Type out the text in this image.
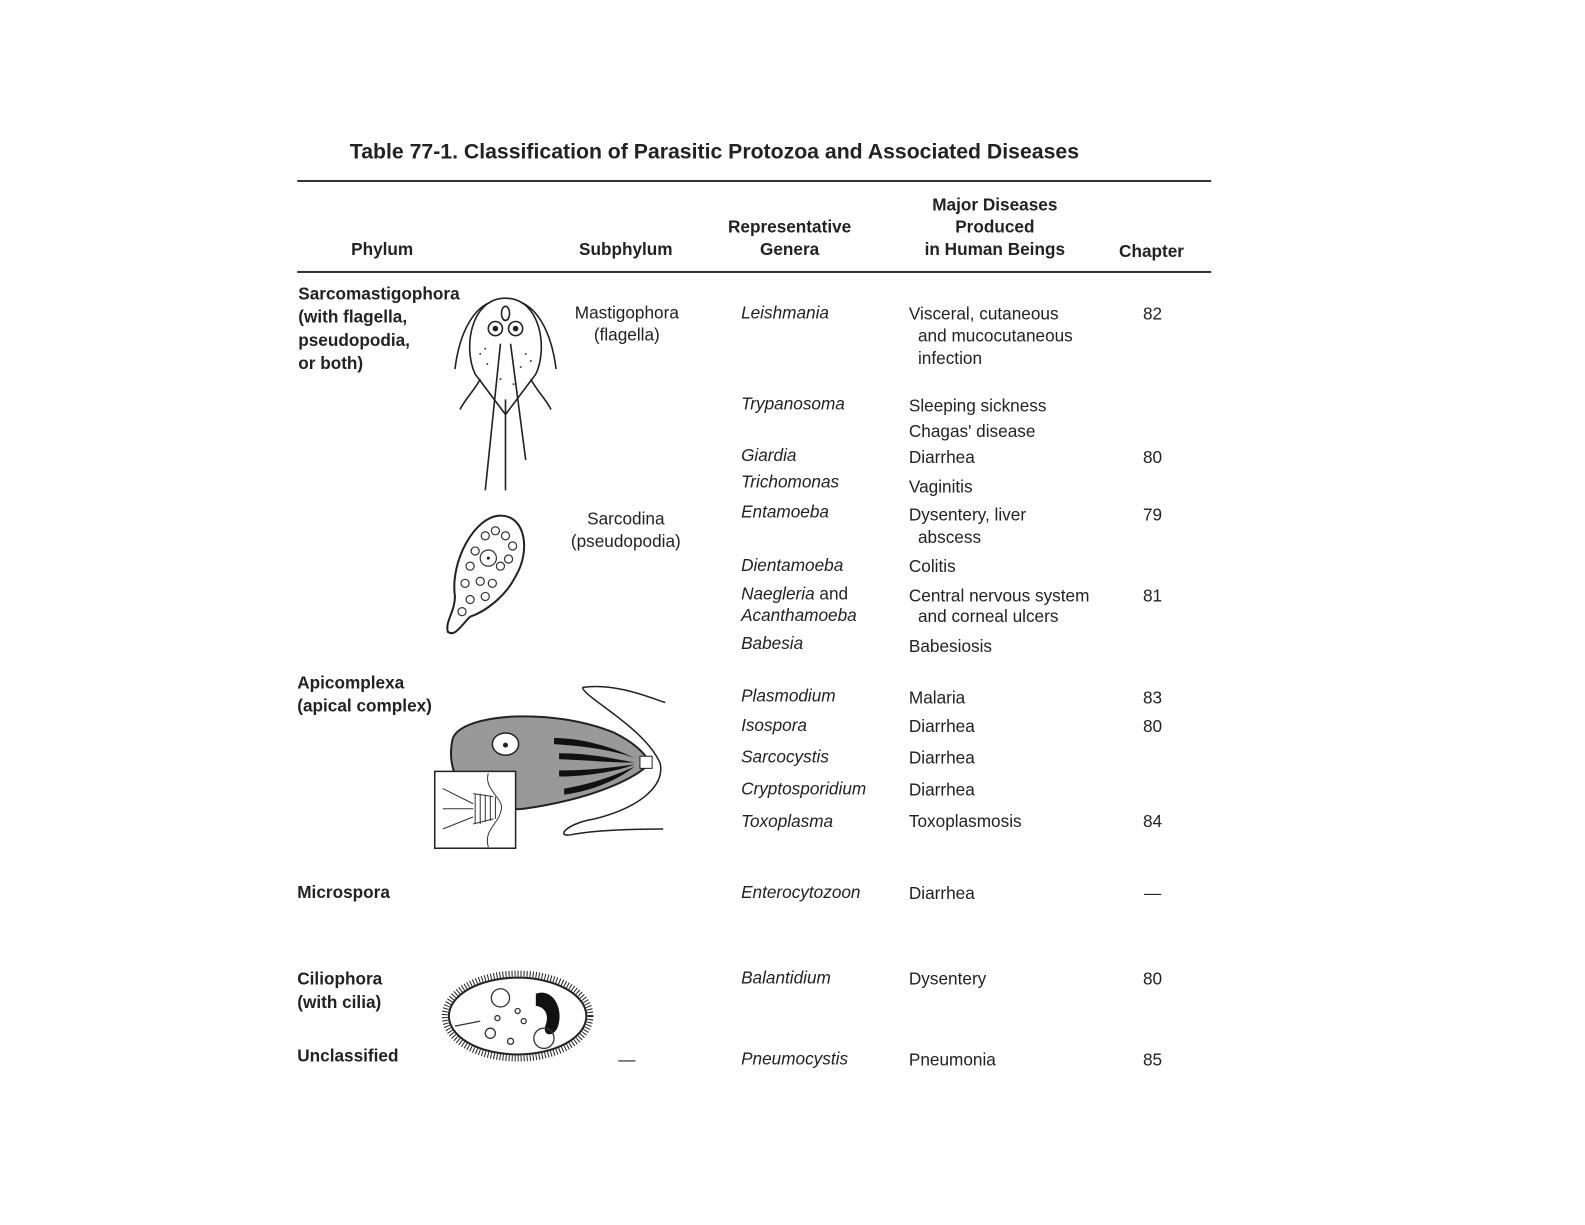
Table 77-1. Classification of Parasitic Protozoa and Associated Diseases
Phylum	Subphylum
Representative
Genera
Major Diseases
Produced
in Human Beings	Chapter
Sarcomastigophora
(with flagella,
pseudopodia,
or both)
Apicomplexa
(apical complex)
Microspora
Ciliophora
(with cilia)
Unclassified
Mastigophora
(flagella)
Sarcodina
(pseudopodia)
—
Leishmania
Trypanosoma
Giardia
Trichomonas
Entamoeba
Dientamoeba
Naegleria and
Acanthamoeba
Babesia
Plasmodium
Isospora
Sarcocystis
Cryptosporidium
Toxoplasma
Enterocytozoon
Balantidium
Pneumocystis
Visceral, cutaneous
and mucocutaneous
infection
Sleeping sickness
Chagas' disease
Diarrhea
Vaginitis
Dysentery, liver
abscess
Colitis
Central nervous system
and corneal ulcers
Babesiosis
Malaria
Diarrhea
Diarrhea
Diarrhea
Toxoplasmosis
Diarrhea
Dysentery
Pneumonia
82
80
79
81
83
80
84
—
80
85
